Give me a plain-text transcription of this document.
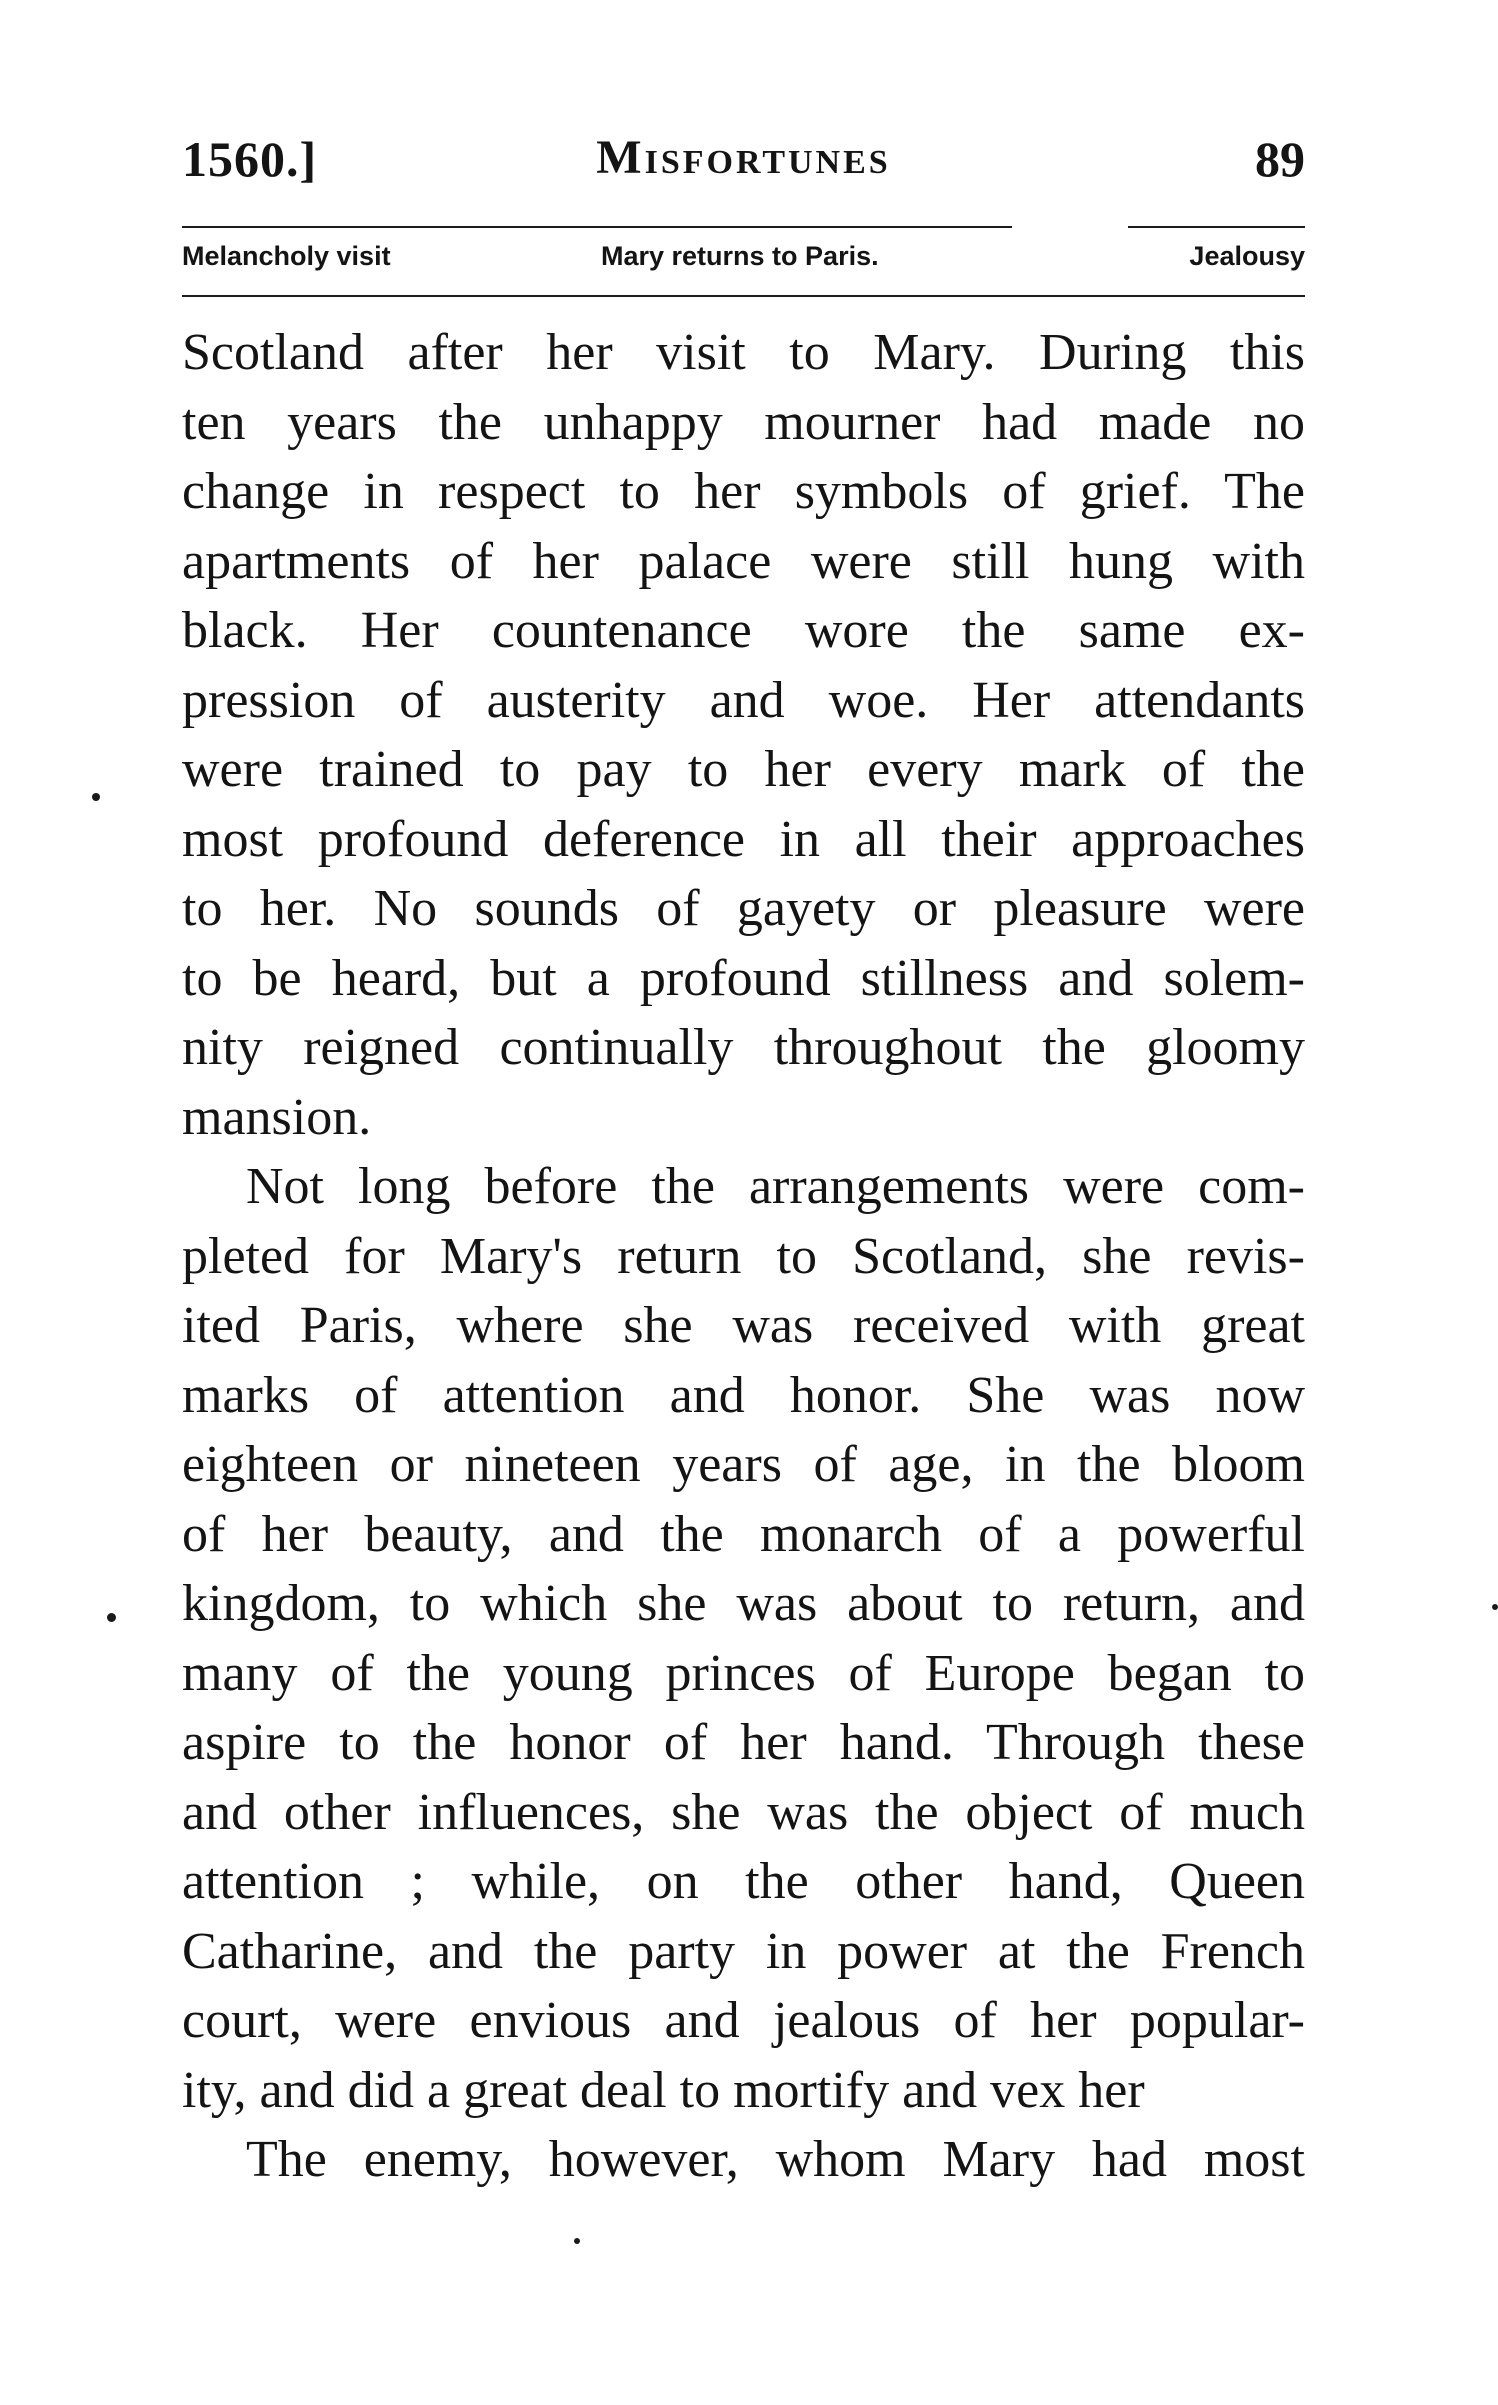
1560.]	Misfortunes	89
Melancholy visit	Mary returns to Paris.	Jealousy
Scotland after her visit to Mary. During this
ten years the unhappy mourner had made no
change in respect to her symbols of grief. The
apartments of her palace were still hung with
black. Her countenance wore the same ex-
pression of austerity and woe. Her attendants
were trained to pay to her every mark of the
most profound deference in all their approaches
to her. No sounds of gayety or pleasure were
to be heard, but a profound stillness and solem-
nity reigned continually throughout the gloomy
mansion.
Not long before the arrangements were com-
pleted for Mary's return to Scotland, she revis-
ited Paris, where she was received with great
marks of attention and honor. She was now
eighteen or nineteen years of age, in the bloom
of her beauty, and the monarch of a powerful
kingdom, to which she was about to return, and
many of the young princes of Europe began to
aspire to the honor of her hand. Through these
and other influences, she was the object of much
attention ; while, on the other hand, Queen
Catharine, and the party in power at the French
court, were envious and jealous of her popular-
ity, and did a great deal to mortify and vex her
The enemy, however, whom Mary had most
